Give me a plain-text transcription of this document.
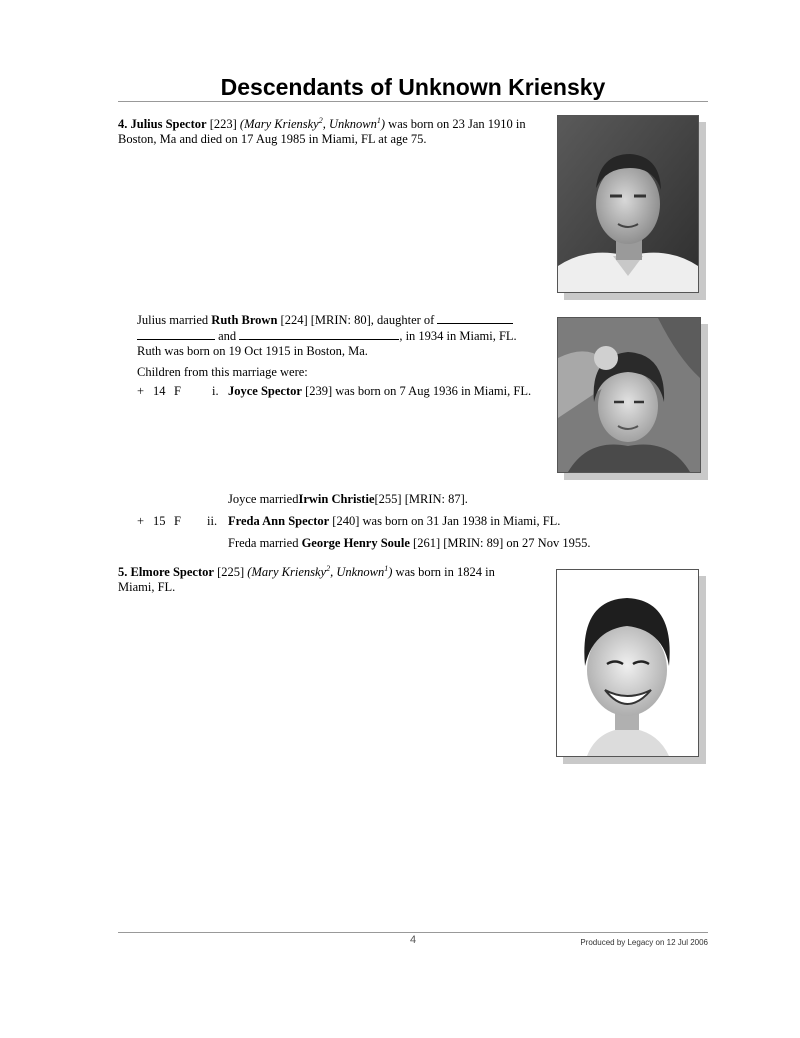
Descendants of Unknown Kriensky
4. Julius Spector [223] (Mary Kriensky$^2$, Unknown$^1$) was born on 23 Jan 1910 in
Boston, Ma and died on 17 Aug 1985 in Miami, FL at age 75.
Julius married Ruth Brown [224] [MRIN: 80], daughter of
and	, in 1934 in Miami, FL.
Ruth was born on 19 Oct 1915 in Boston, Ma.
Children from this marriage were:
+ 14 F i. Joyce Spector [239] was born on 7 Aug 1936 in Miami, FL.
Joyce marriedIrwin Christie[255] [MRIN: 87].
+ 15 F ii. Freda Ann Spector [240] was born on 31 Jan 1938 in Miami, FL.
Freda married George Henry Soule [261] [MRIN: 89] on 27 Nov 1955.
5. Elmore Spector [225] (Mary Kriensky$^2$, Unknown$^1$) was born in 1824 in
Miami, FL.
4	Produced by Legacy on 12 Jul 2006
